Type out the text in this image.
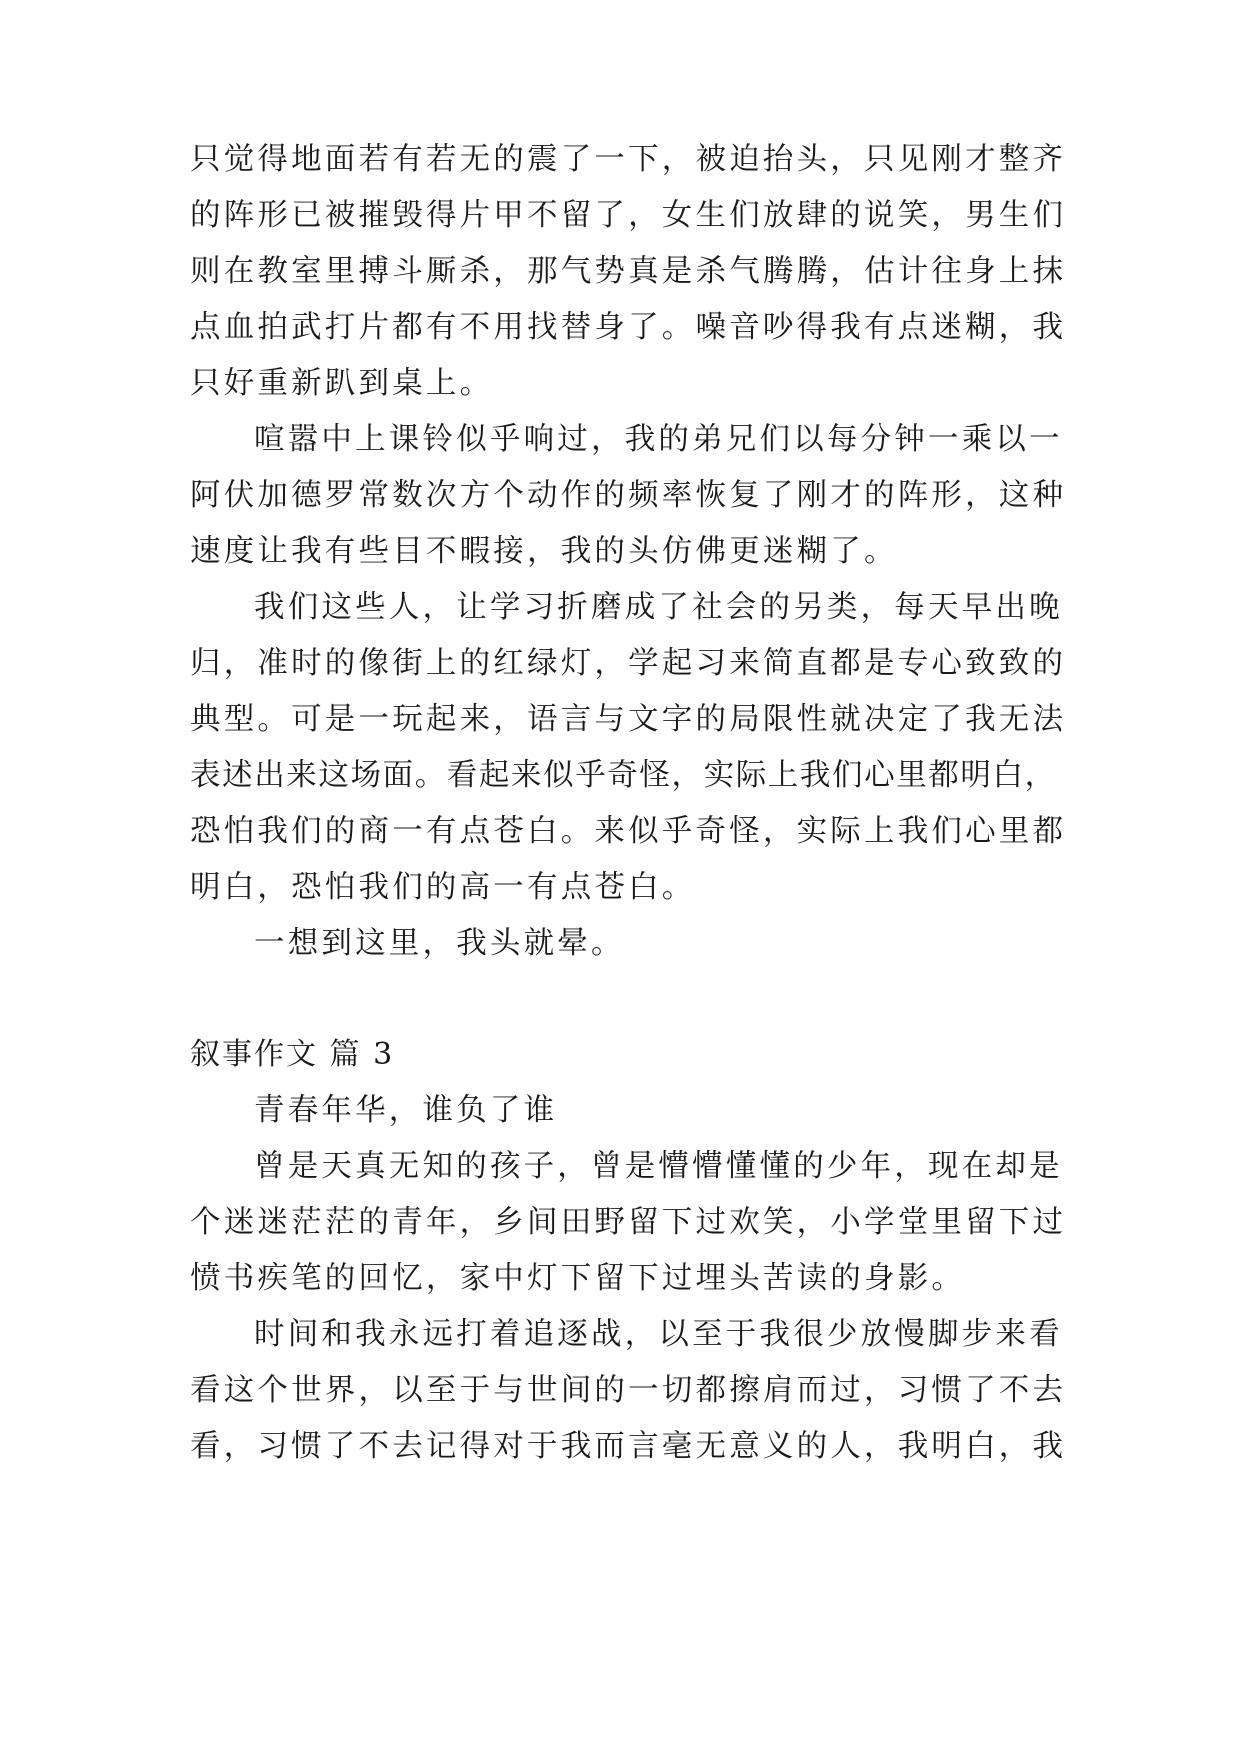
只觉得地面若有若无的震了一下，被迫抬头，只见刚才整齐
的阵形已被摧毁得片甲不留了，女生们放肆的说笑，男生们
则在教室里搏斗厮杀，那气势真是杀气腾腾，估计往身上抹
点血拍武打片都有不用找替身了。噪音吵得我有点迷糊，我
只好重新趴到桌上。
喧嚣中上课铃似乎响过，我的弟兄们以每分钟一乘以一
阿伏加德罗常数次方个动作的频率恢复了刚才的阵形，这种
速度让我有些目不暇接，我的头仿佛更迷糊了。
我们这些人，让学习折磨成了社会的另类，每天早出晚
归，准时的像街上的红绿灯，学起习来简直都是专心致致的
典型。可是一玩起来，语言与文字的局限性就决定了我无法
表述出来这场面。看起来似乎奇怪，实际上我们心里都明白，
恐怕我们的商一有点苍白。来似乎奇怪，实际上我们心里都
明白，恐怕我们的高一有点苍白。
一想到这里，我头就晕。
叙事作文 篇 3
青春年华，谁负了谁
曾是天真无知的孩子，曾是懵懵懂懂的少年，现在却是
个迷迷茫茫的青年，乡间田野留下过欢笑，小学堂里留下过
愤书疾笔的回忆，家中灯下留下过埋头苦读的身影。
时间和我永远打着追逐战，以至于我很少放慢脚步来看
看这个世界，以至于与世间的一切都擦肩而过，习惯了不去
看，习惯了不去记得对于我而言毫无意义的人，我明白，我
